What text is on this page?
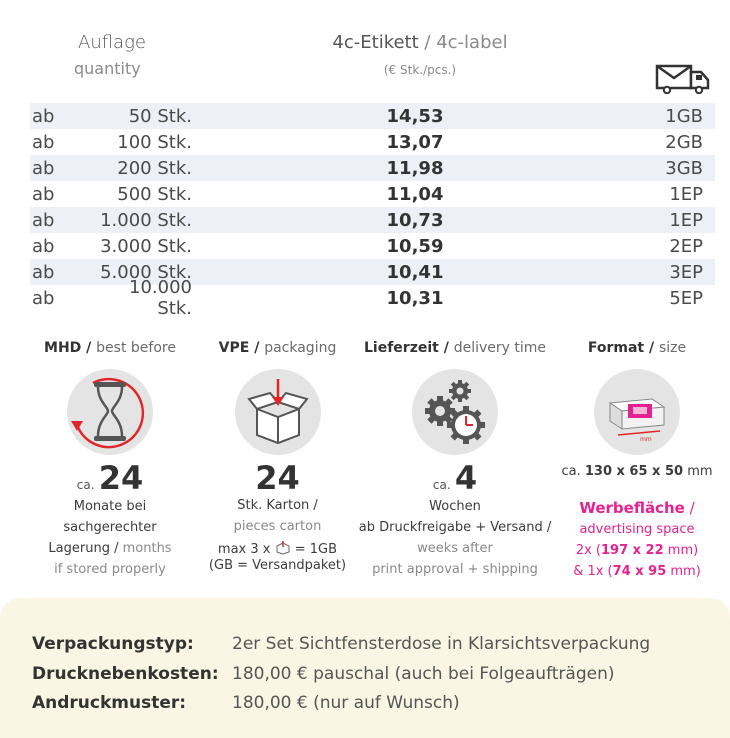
Auflage
quantity
4c-Etikett / 4c-label
(€ Stk./pcs.)
ab	50 Stk.	14,53	1GB
ab	100 Stk.	13,07	2GB
ab	200 Stk.	11,98	3GB
ab	500 Stk.	11,04	1EP
ab	1.000 Stk.	10,73	1EP
ab	3.000 Stk.	10,59	2EP
ab	5.000 Stk.	10,41	3EP
ab	10.000 Stk.	10,31	5EP
MHD / best before
ca. 24
Monate bei
sachgerechter
Lagerung / months
if stored properly
VPE / packaging
24
Stk. Karton /
pieces carton
max 3 x = 1GB
(GB = Versandpaket)
Lieferzeit / delivery time
ca. 4
Wochen
ab Druckfreigabe + Versand /
weeks after
print approval + shipping
Format / size
mm
ca. 130 x 65 x 50 mm
Werbefläche /
advertising space
2x (197 x 22 mm)
& 1x (74 x 95 mm)
Verpackungstyp:	2er Set Sichtfensterdose in Klarsichtsverpackung
Drucknebenkosten: 180,00 € pauschal (auch bei Folgeaufträgen)
Andruckmuster:	180,00 € (nur auf Wunsch)
